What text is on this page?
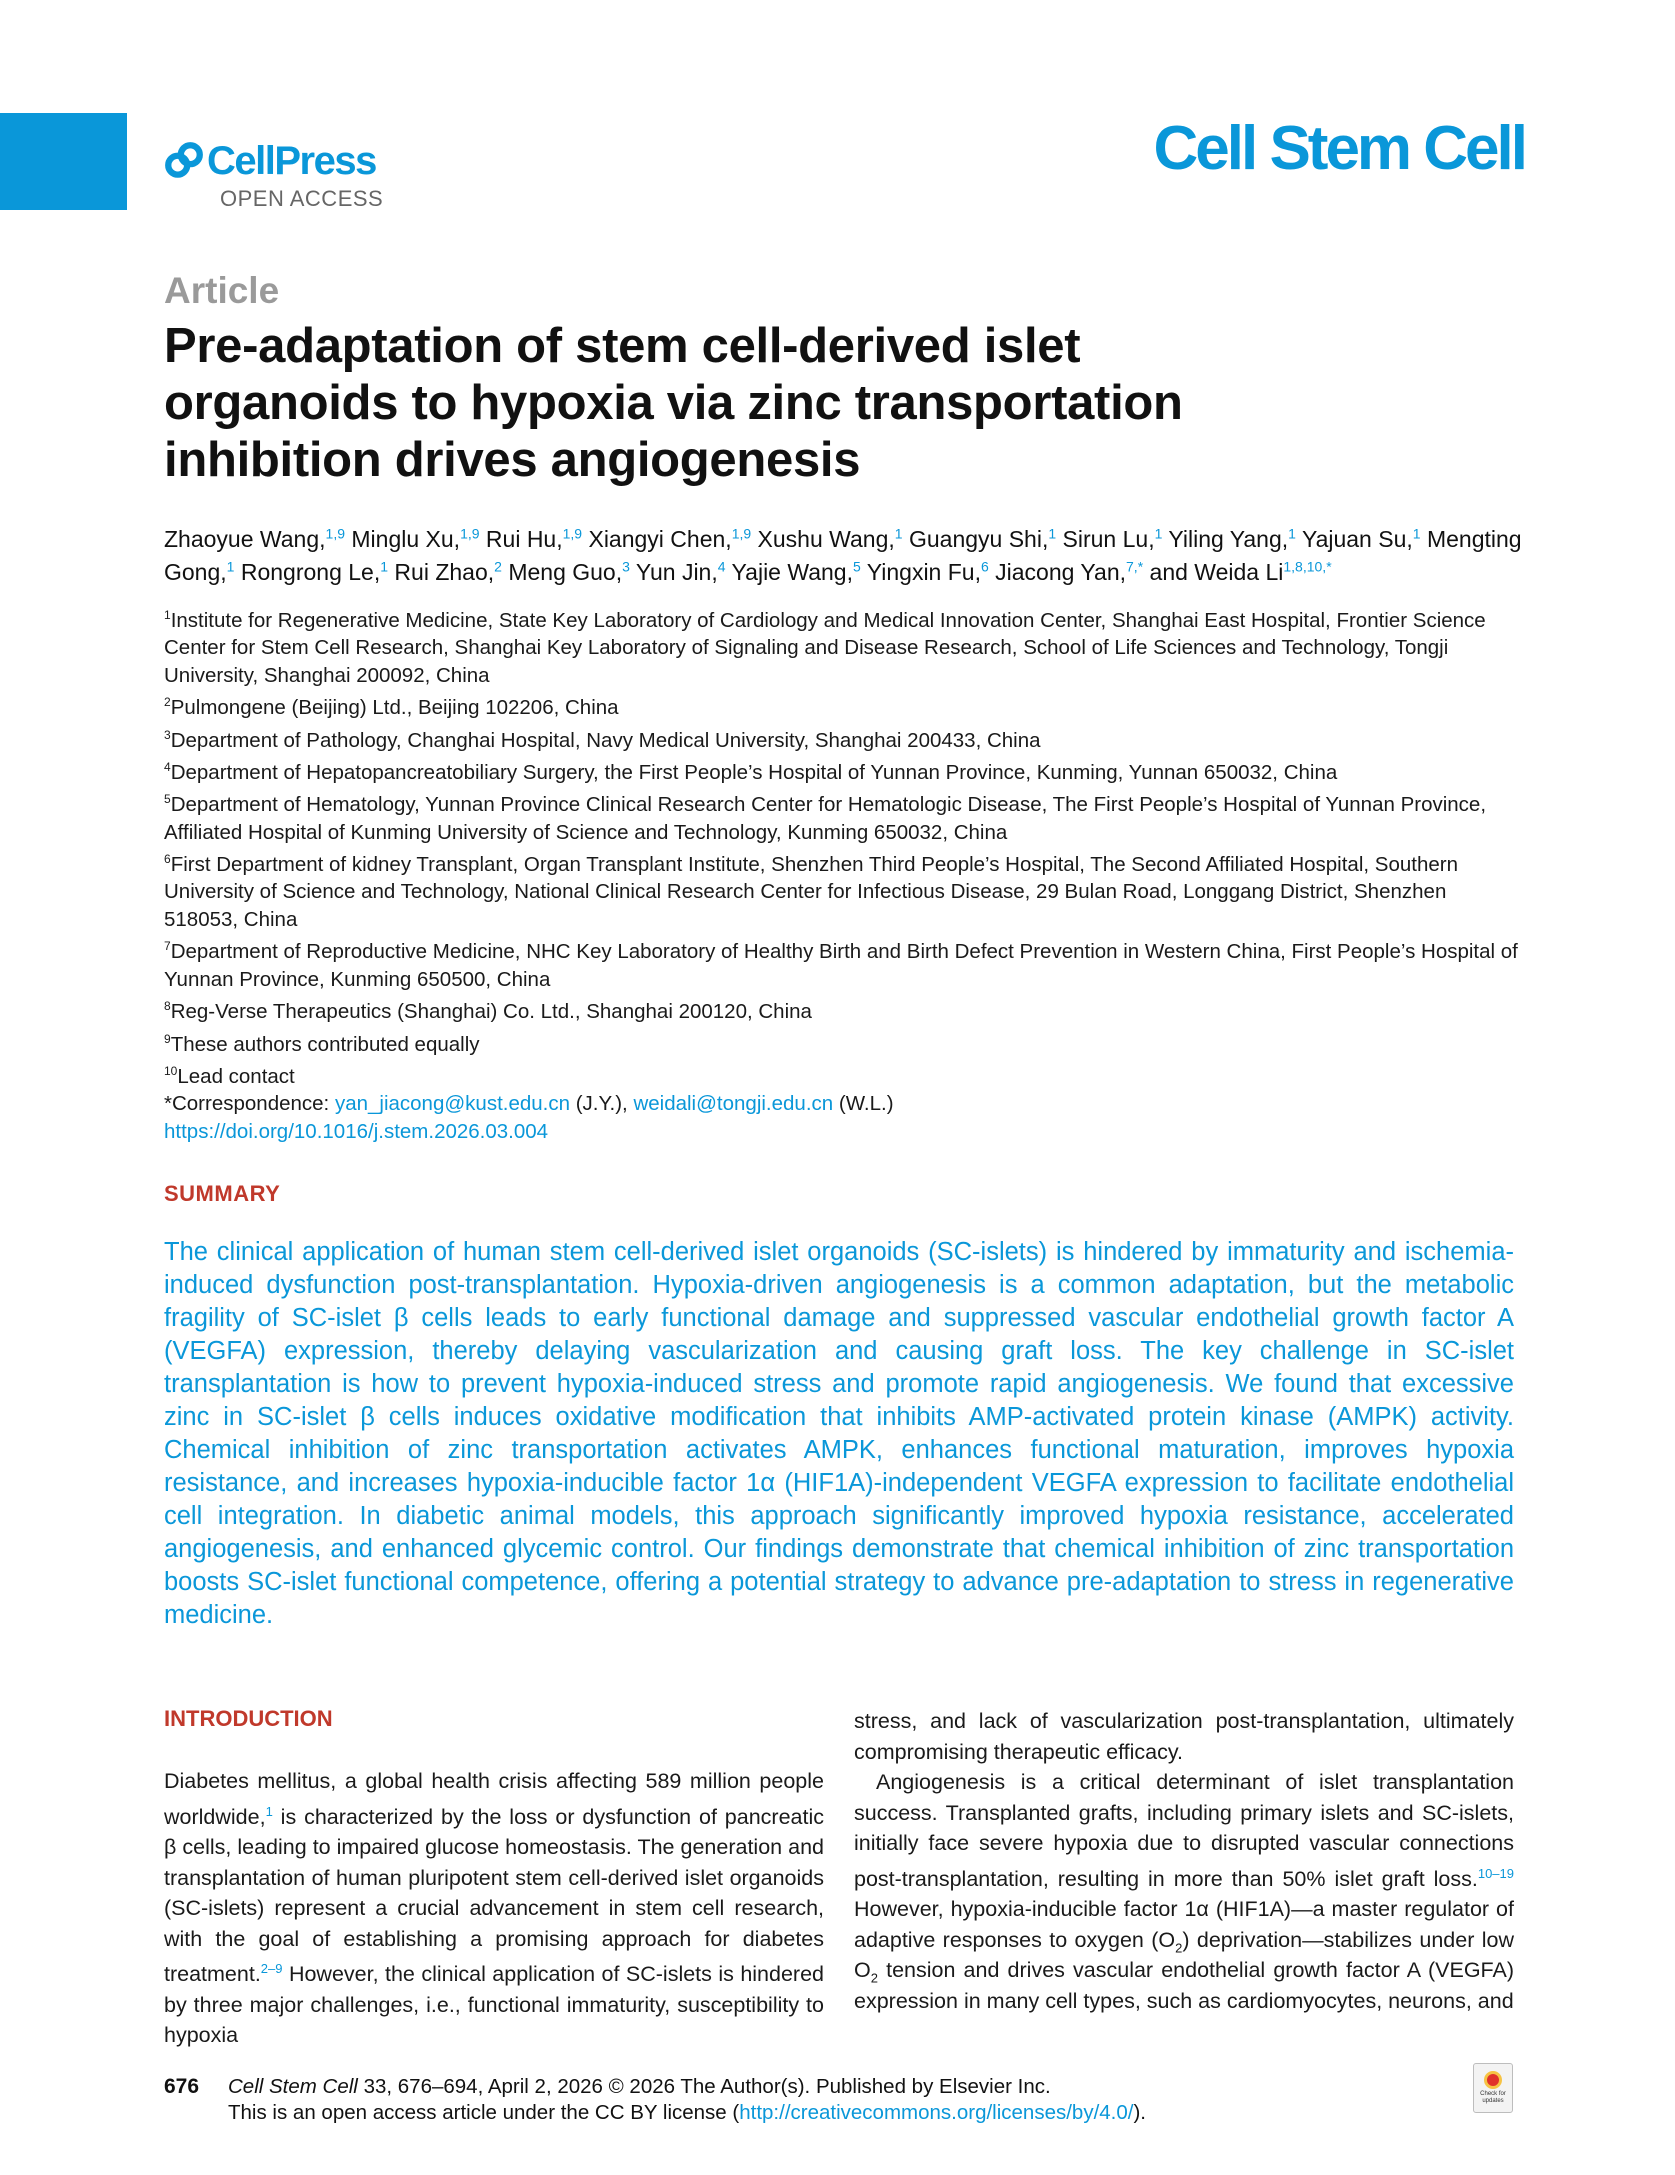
CellPress
OPEN ACCESS
Cell Stem Cell
Article
Pre-adaptation of stem cell-derived islet
organoids to hypoxia via zinc transportation
inhibition drives angiogenesis
Zhaoyue Wang,$^{1,9}$ Minglu Xu,$^{1,9}$ Rui Hu,$^{1,9}$ Xiangyi Chen,$^{1,9}$ Xushu Wang,$^1$ Guangyu Shi,$^1$ Sirun Lu,$^1$ Yiling Yang,$^1$ Yajuan Su,$^1$ Mengting Gong,$^1$ Rongrong Le,$^1$ Rui Zhao,$^2$ Meng Guo,$^3$ Yun Jin,$^4$ Yajie Wang,$^5$ Yingxin Fu,$^6$ Jiacong Yan,$^{7,*}$ and Weida $Li^{1,8,10,*}$

$^1$Institute for Regenerative Medicine, State Key Laboratory of Cardiology and Medical Innovation Center, Shanghai East Hospital, Frontier Science Center for Stem Cell Research, Shanghai Key Laboratory of Signaling and Disease Research, School of Life Sciences and Technology, Tongji University, Shanghai 200092, China

$^2$Pulmongene (Beijing) Ltd., Beijing 102206, China

$^3$Department of Pathology, Changhai Hospital, Navy Medical University, Shanghai 200433, China

$^4$Department of Hepatopancreatobiliary Surgery, the First People’s Hospital of Yunnan Province, Kunming, Yunnan 650032, China

$^5$Department of Hematology, Yunnan Province Clinical Research Center for Hematologic Disease, The First People’s Hospital of Yunnan Province, Affiliated Hospital of Kunming University of Science and Technology, Kunming 650032, China

$^6$First Department of kidney Transplant, Organ Transplant Institute, Shenzhen Third People’s Hospital, The Second Affiliated Hospital, Southern University of Science and Technology, National Clinical Research Center for Infectious Disease, 29 Bulan Road, Longgang District, Shenzhen 518053, China

$^7$Department of Reproductive Medicine, NHC Key Laboratory of Healthy Birth and Birth Defect Prevention in Western China, First People’s Hospital of Yunnan Province, Kunming 650500, China

$^8$Reg-Verse Therapeutics (Shanghai) Co. Ltd., Shanghai 200120, China

$^9$These authors contributed equally

$^{10}$Lead contact

*Correspondence: yan_jiacong@kust.edu.cn (J.Y.), weidali@tongji.edu.cn (W.L.)

https://doi.org/10.1016/j.stem.2026.03.004

SUMMARY
The clinical application of human stem cell-derived islet organoids (SC-islets) is hindered by immaturity and ischemia-induced dysfunction post-transplantation. Hypoxia-driven angiogenesis is a common adaptation, but the metabolic fragility of SC-islet β cells leads to early functional damage and suppressed vascular endothelial growth factor A (VEGFA) expression, thereby delaying vascularization and causing graft loss. The key challenge in SC-islet transplantation is how to prevent hypoxia-induced stress and promote rapid angiogenesis. We found that excessive zinc in SC-islet β cells induces oxidative modification that inhibits AMP-activated protein kinase (AMPK) activity. Chemical inhibition of zinc transportation activates AMPK, enhances functional maturation, improves hypoxia resistance, and increases hypoxia-inducible factor 1α (HIF1A)-independent VEGFA expression to facilitate endothelial cell integration. In diabetic animal models, this approach significantly improved hypoxia resistance, accelerated angiogenesis, and enhanced glycemic control. Our findings demonstrate that chemical inhibition of zinc transportation boosts SC-islet functional competence, offering a potential strategy to advance pre-adaptation to stress in regenerative medicine.
INTRODUCTION

Diabetes mellitus, a global health crisis affecting 589 million people worldwide,$^1$ is characterized by the loss or dysfunction of pancreatic β cells, leading to impaired glucose homeostasis. The generation and transplantation of human pluripotent stem cell-derived islet organoids (SC-islets) represent a crucial advancement in stem cell research, with the goal of establishing a promising approach for diabetes treatment.$^{2-9}$ However, the clinical application of SC-islets is hindered by three major challenges, i.e., functional immaturity, susceptibility to hypoxia

stress, and lack of vascularization post-transplantation, ultimately compromising therapeutic efficacy.

Angiogenesis is a critical determinant of islet transplantation success. Transplanted grafts, including primary islets and SC-islets, initially face severe hypoxia due to disrupted vascular connections post-transplantation, resulting in more than 50% islet graft loss.$^{10-19}$ However, hypoxia-inducible factor 1α (HIF1A)—a master regulator of adaptive responses to oxygen $(O_2)$ deprivation—stabilizes under low $O_2$ tension and drives vascular endothelial growth factor A (VEGFA) expression in many cell types, such as cardiomyocytes, neurons, and

676 Cell Stem Cell 33, 676–694, April 2, 2026 © 2026 The Author(s). Published by Elsevier Inc.
This is an open access article under the CC BY license (http://creativecommons.org/licenses/by/4.0/).
Check for updates
